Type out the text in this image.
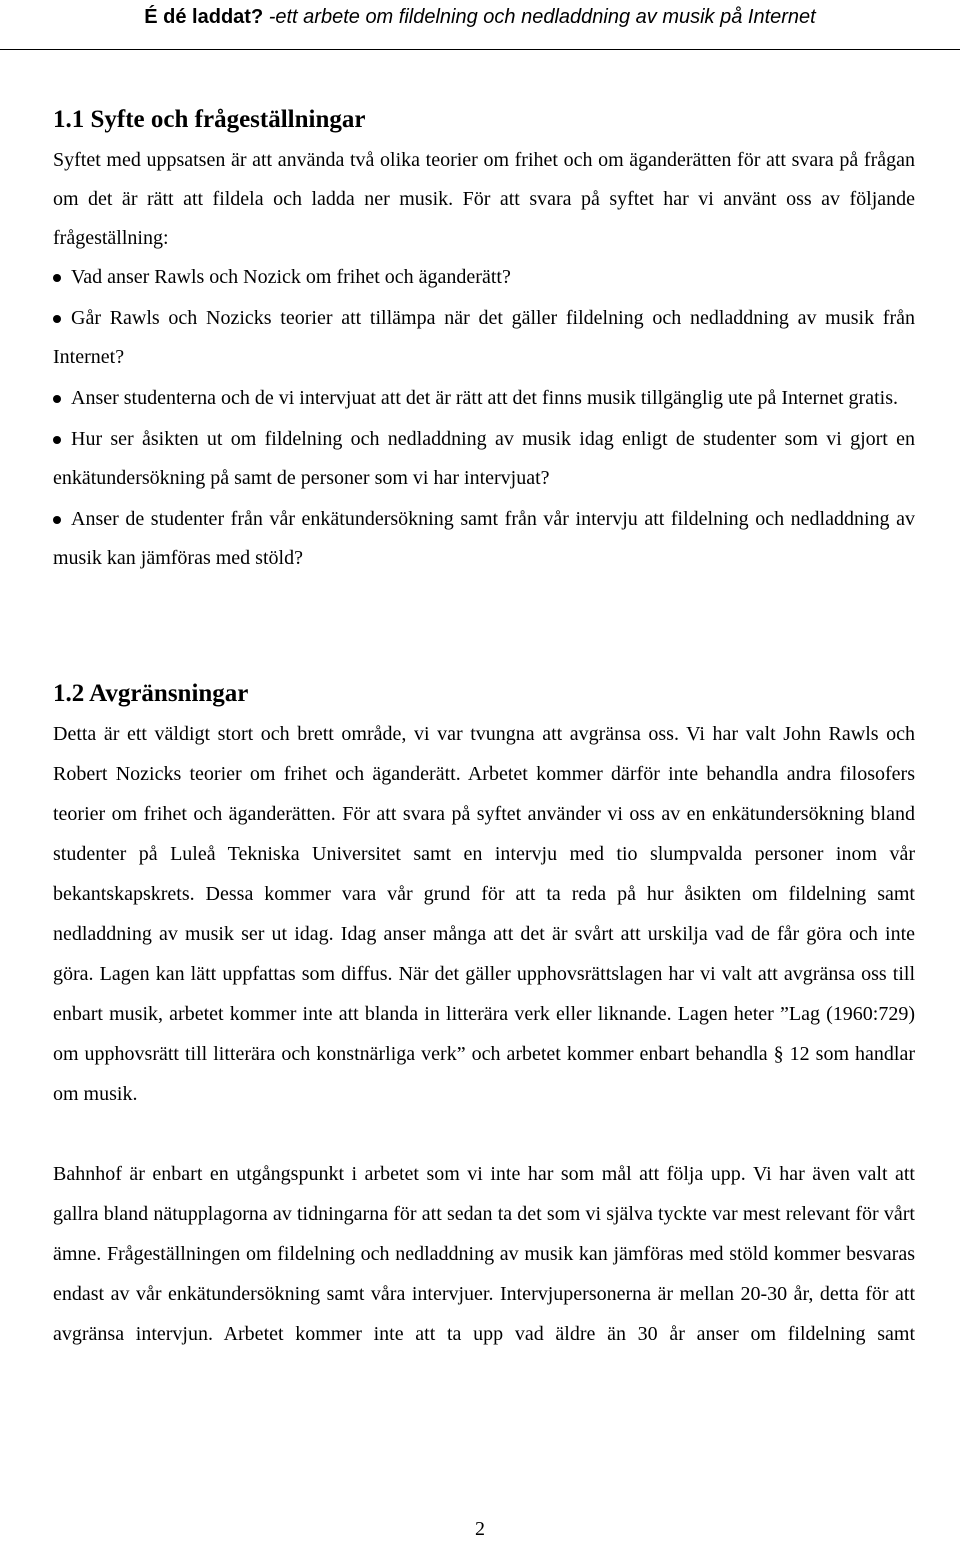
É dé laddat? -ett arbete om fildelning och nedladdning av musik på Internet
1.1 Syfte och frågeställningar

Syftet med uppsatsen är att använda två olika teorier om frihet och om äganderätten för att svara på frågan om det är rätt att fildela och ladda ner musik. För att svara på syftet har vi använt oss av följande frågeställning:

Vad anser Rawls och Nozick om frihet och äganderätt?
Går Rawls och Nozicks teorier att tillämpa när det gäller fildelning och nedladdning av musik från Internet?
Anser studenterna och de vi intervjuat att det är rätt att det finns musik tillgänglig ute på Internet gratis.
Hur ser åsikten ut om fildelning och nedladdning av musik idag enligt de studenter som vi gjort en enkätundersökning på samt de personer som vi har intervjuat?
Anser de studenter från vår enkätundersökning samt från vår intervju att fildelning och nedladdning av musik kan jämföras med stöld?
1.2 Avgränsningar

Detta är ett väldigt stort och brett område, vi var tvungna att avgränsa oss. Vi har valt John Rawls och Robert Nozicks teorier om frihet och äganderätt. Arbetet kommer därför inte behandla andra filosofers teorier om frihet och äganderätten. För att svara på syftet använder vi oss av en enkätundersökning bland studenter på Luleå Tekniska Universitet samt en intervju med tio slumpvalda personer inom vår bekantskapskrets. Dessa kommer vara vår grund för att ta reda på hur åsikten om fildelning samt nedladdning av musik ser ut idag. Idag anser många att det är svårt att urskilja vad de får göra och inte göra. Lagen kan lätt uppfattas som diffus. När det gäller upphovsrättslagen har vi valt att avgränsa oss till enbart musik, arbetet kommer inte att blanda in litterära verk eller liknande. Lagen heter ”Lag (1960:729) om upphovsrätt till litterära och konstnärliga verk” och arbetet kommer enbart behandla § 12 som handlar om musik.

Bahnhof är enbart en utgångspunkt i arbetet som vi inte har som mål att följa upp. Vi har även valt att gallra bland nätupplagorna av tidningarna för att sedan ta det som vi själva tyckte var mest relevant för vårt ämne. Frågeställningen om fildelning och nedladdning av musik kan jämföras med stöld kommer besvaras endast av vår enkätundersökning samt våra intervjuer. Intervjupersonerna är mellan 20-30 år, detta för att avgränsa intervjun. Arbetet kommer inte att ta upp vad äldre än 30 år anser om fildelning samt

2
